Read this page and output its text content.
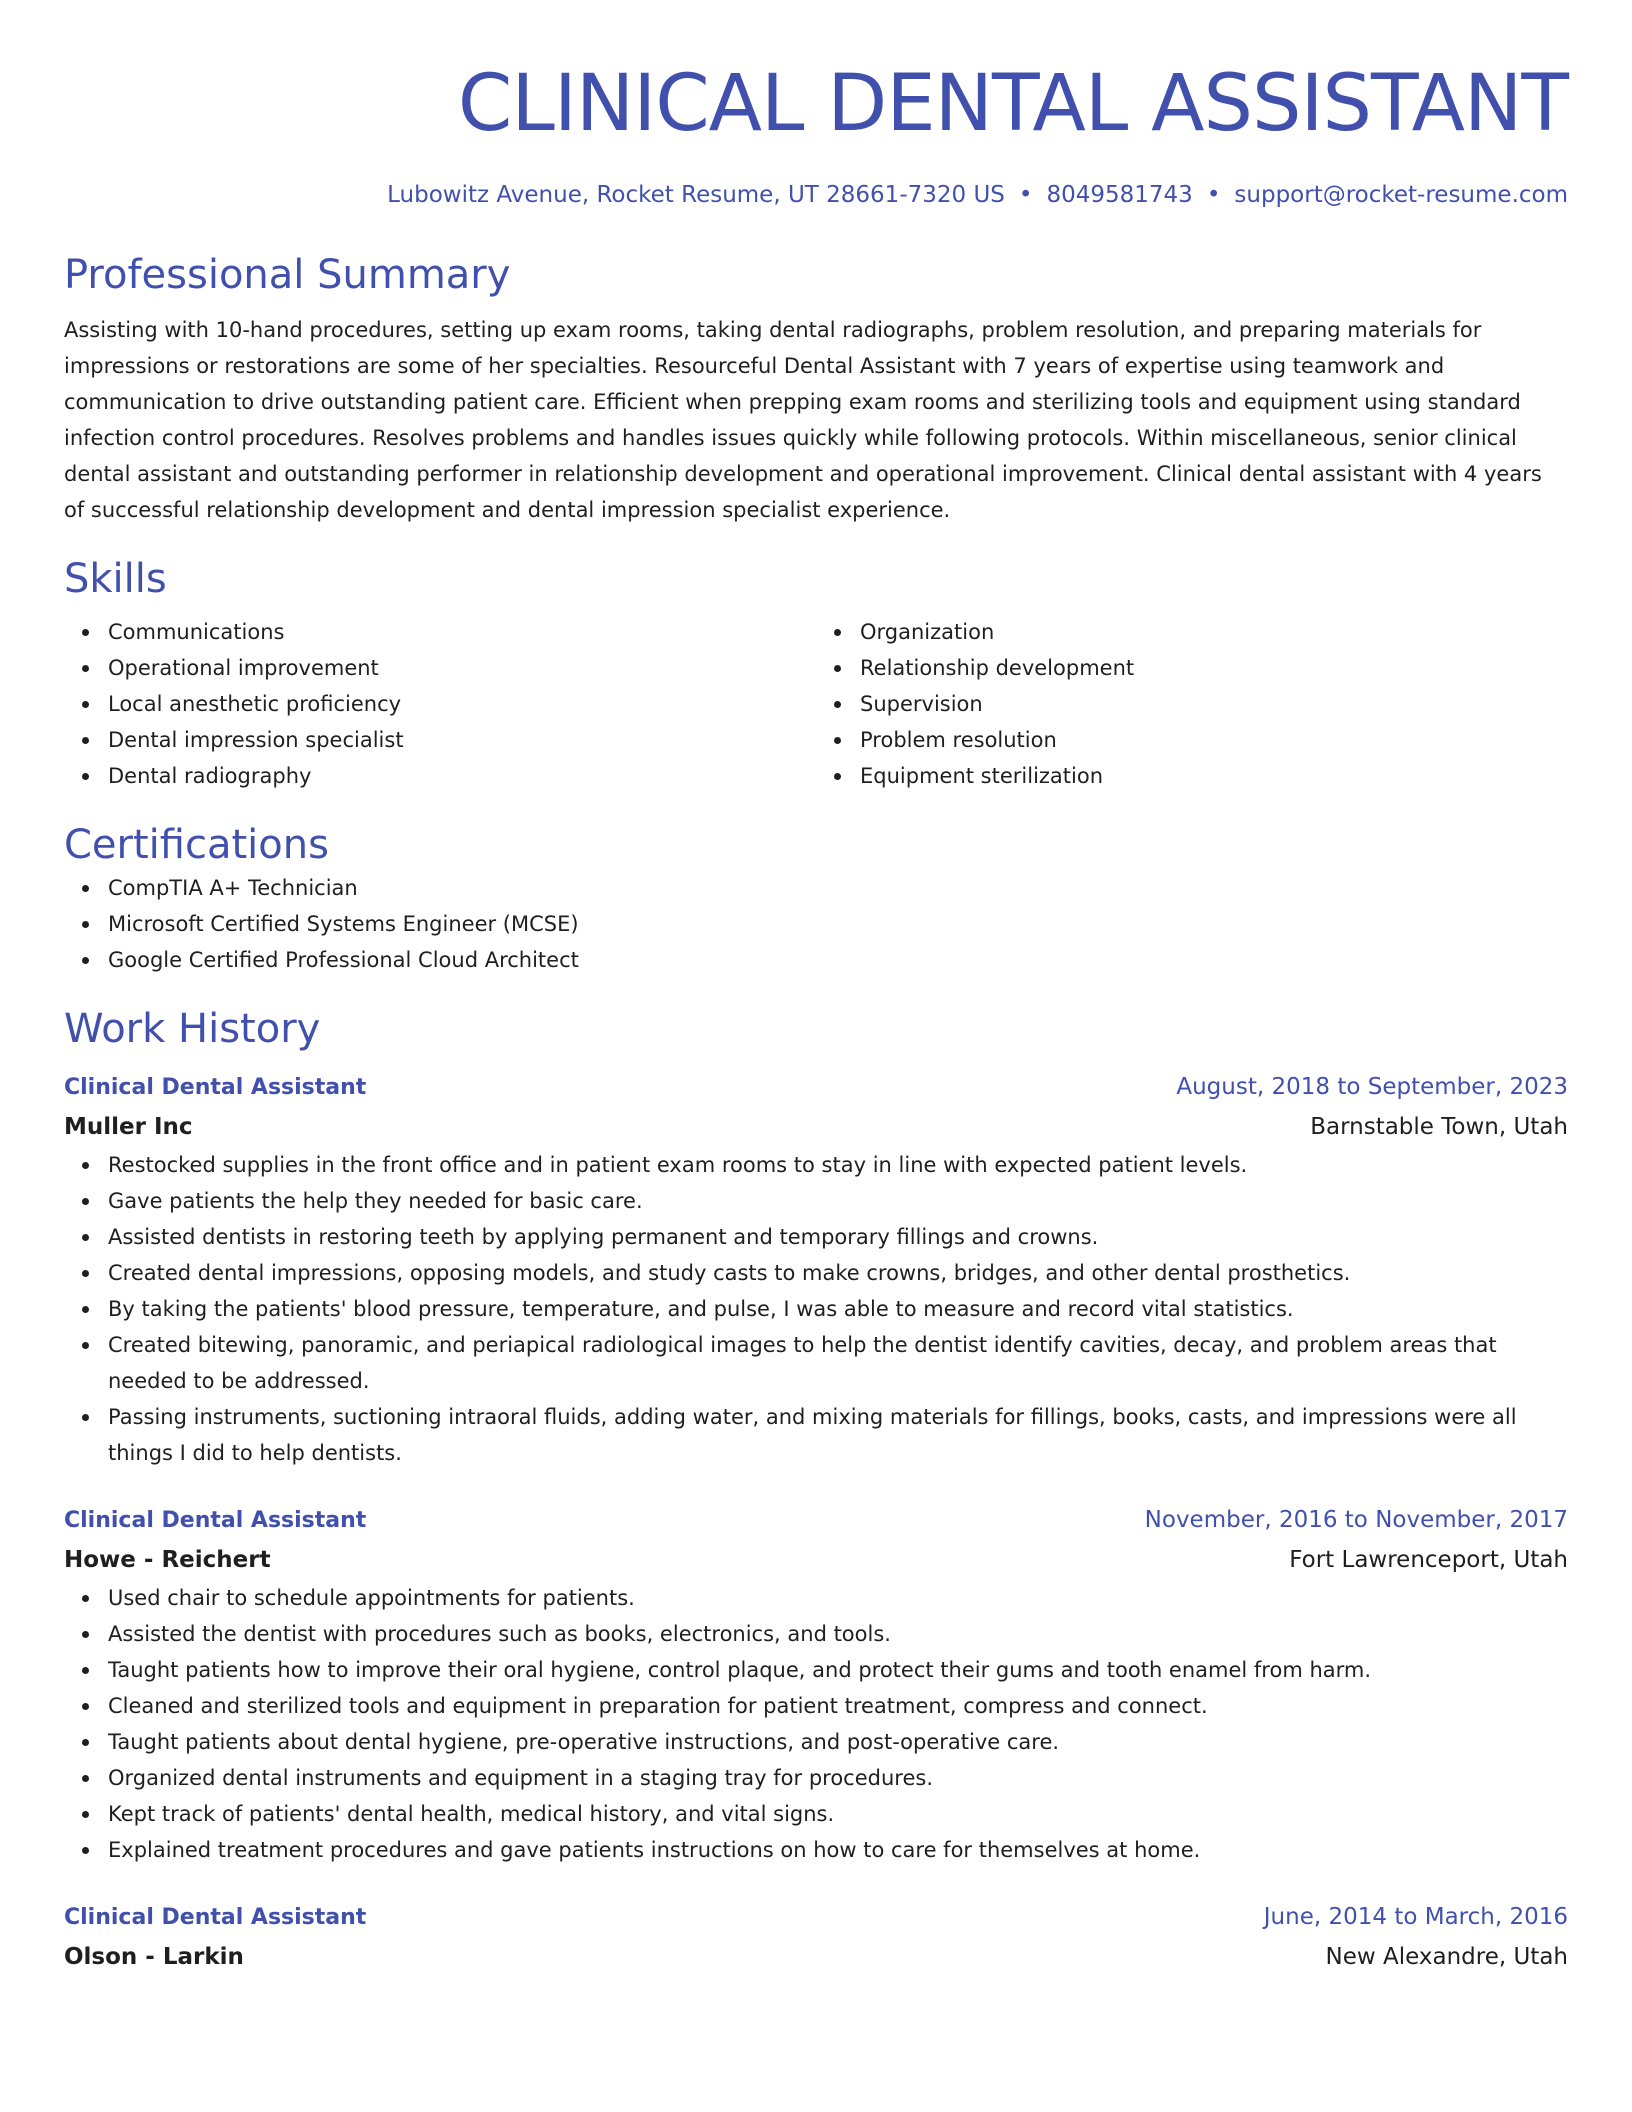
CLINICAL DENTAL ASSISTANT
Lubowitz Avenue, Rocket Resume, UT 28661-7320 US • 8049581743 • support@rocket-resume.com
Professional Summary

Assisting with 10-hand procedures, setting up exam rooms, taking dental radiographs, problem resolution, and preparing materials for impressions or restorations are some of her specialties. Resourceful Dental Assistant with 7 years of expertise using teamwork and communication to drive outstanding patient care. Efficient when prepping exam rooms and sterilizing tools and equipment using standard infection control procedures. Resolves problems and handles issues quickly while following protocols. Within miscellaneous, senior clinical dental assistant and outstanding performer in relationship development and operational improvement. Clinical dental assistant with 4 years of successful relationship development and dental impression specialist experience.

Skills
Communications
Operational improvement
Local anesthetic proficiency
Dental impression specialist
Dental radiography
Organization
Relationship development
Supervision
Problem resolution
Equipment sterilization
Certifications
CompTIA A+ Technician
Microsoft Certified Systems Engineer (MCSE)
Google Certified Professional Cloud Architect
Work History
Clinical Dental Assistant	August, 2018 to September, 2023
Muller Inc	Barnstable Town, Utah
Restocked supplies in the front office and in patient exam rooms to stay in line with expected patient levels.
Gave patients the help they needed for basic care.
Assisted dentists in restoring teeth by applying permanent and temporary fillings and crowns.
Created dental impressions, opposing models, and study casts to make crowns, bridges, and other dental prosthetics.
By taking the patients' blood pressure, temperature, and pulse, I was able to measure and record vital statistics.
Created bitewing, panoramic, and periapical radiological images to help the dentist identify cavities, decay, and problem areas that needed to be addressed.
Passing instruments, suctioning intraoral fluids, adding water, and mixing materials for fillings, books, casts, and impressions were all things I did to help dentists.
Clinical Dental Assistant	November, 2016 to November, 2017
Howe - Reichert	Fort Lawrenceport, Utah
Used chair to schedule appointments for patients.
Assisted the dentist with procedures such as books, electronics, and tools.
Taught patients how to improve their oral hygiene, control plaque, and protect their gums and tooth enamel from harm.
Cleaned and sterilized tools and equipment in preparation for patient treatment, compress and connect.
Taught patients about dental hygiene, pre-operative instructions, and post-operative care.
Organized dental instruments and equipment in a staging tray for procedures.
Kept track of patients' dental health, medical history, and vital signs.
Explained treatment procedures and gave patients instructions on how to care for themselves at home.
Clinical Dental Assistant	June, 2014 to March, 2016
Olson - Larkin	New Alexandre, Utah
